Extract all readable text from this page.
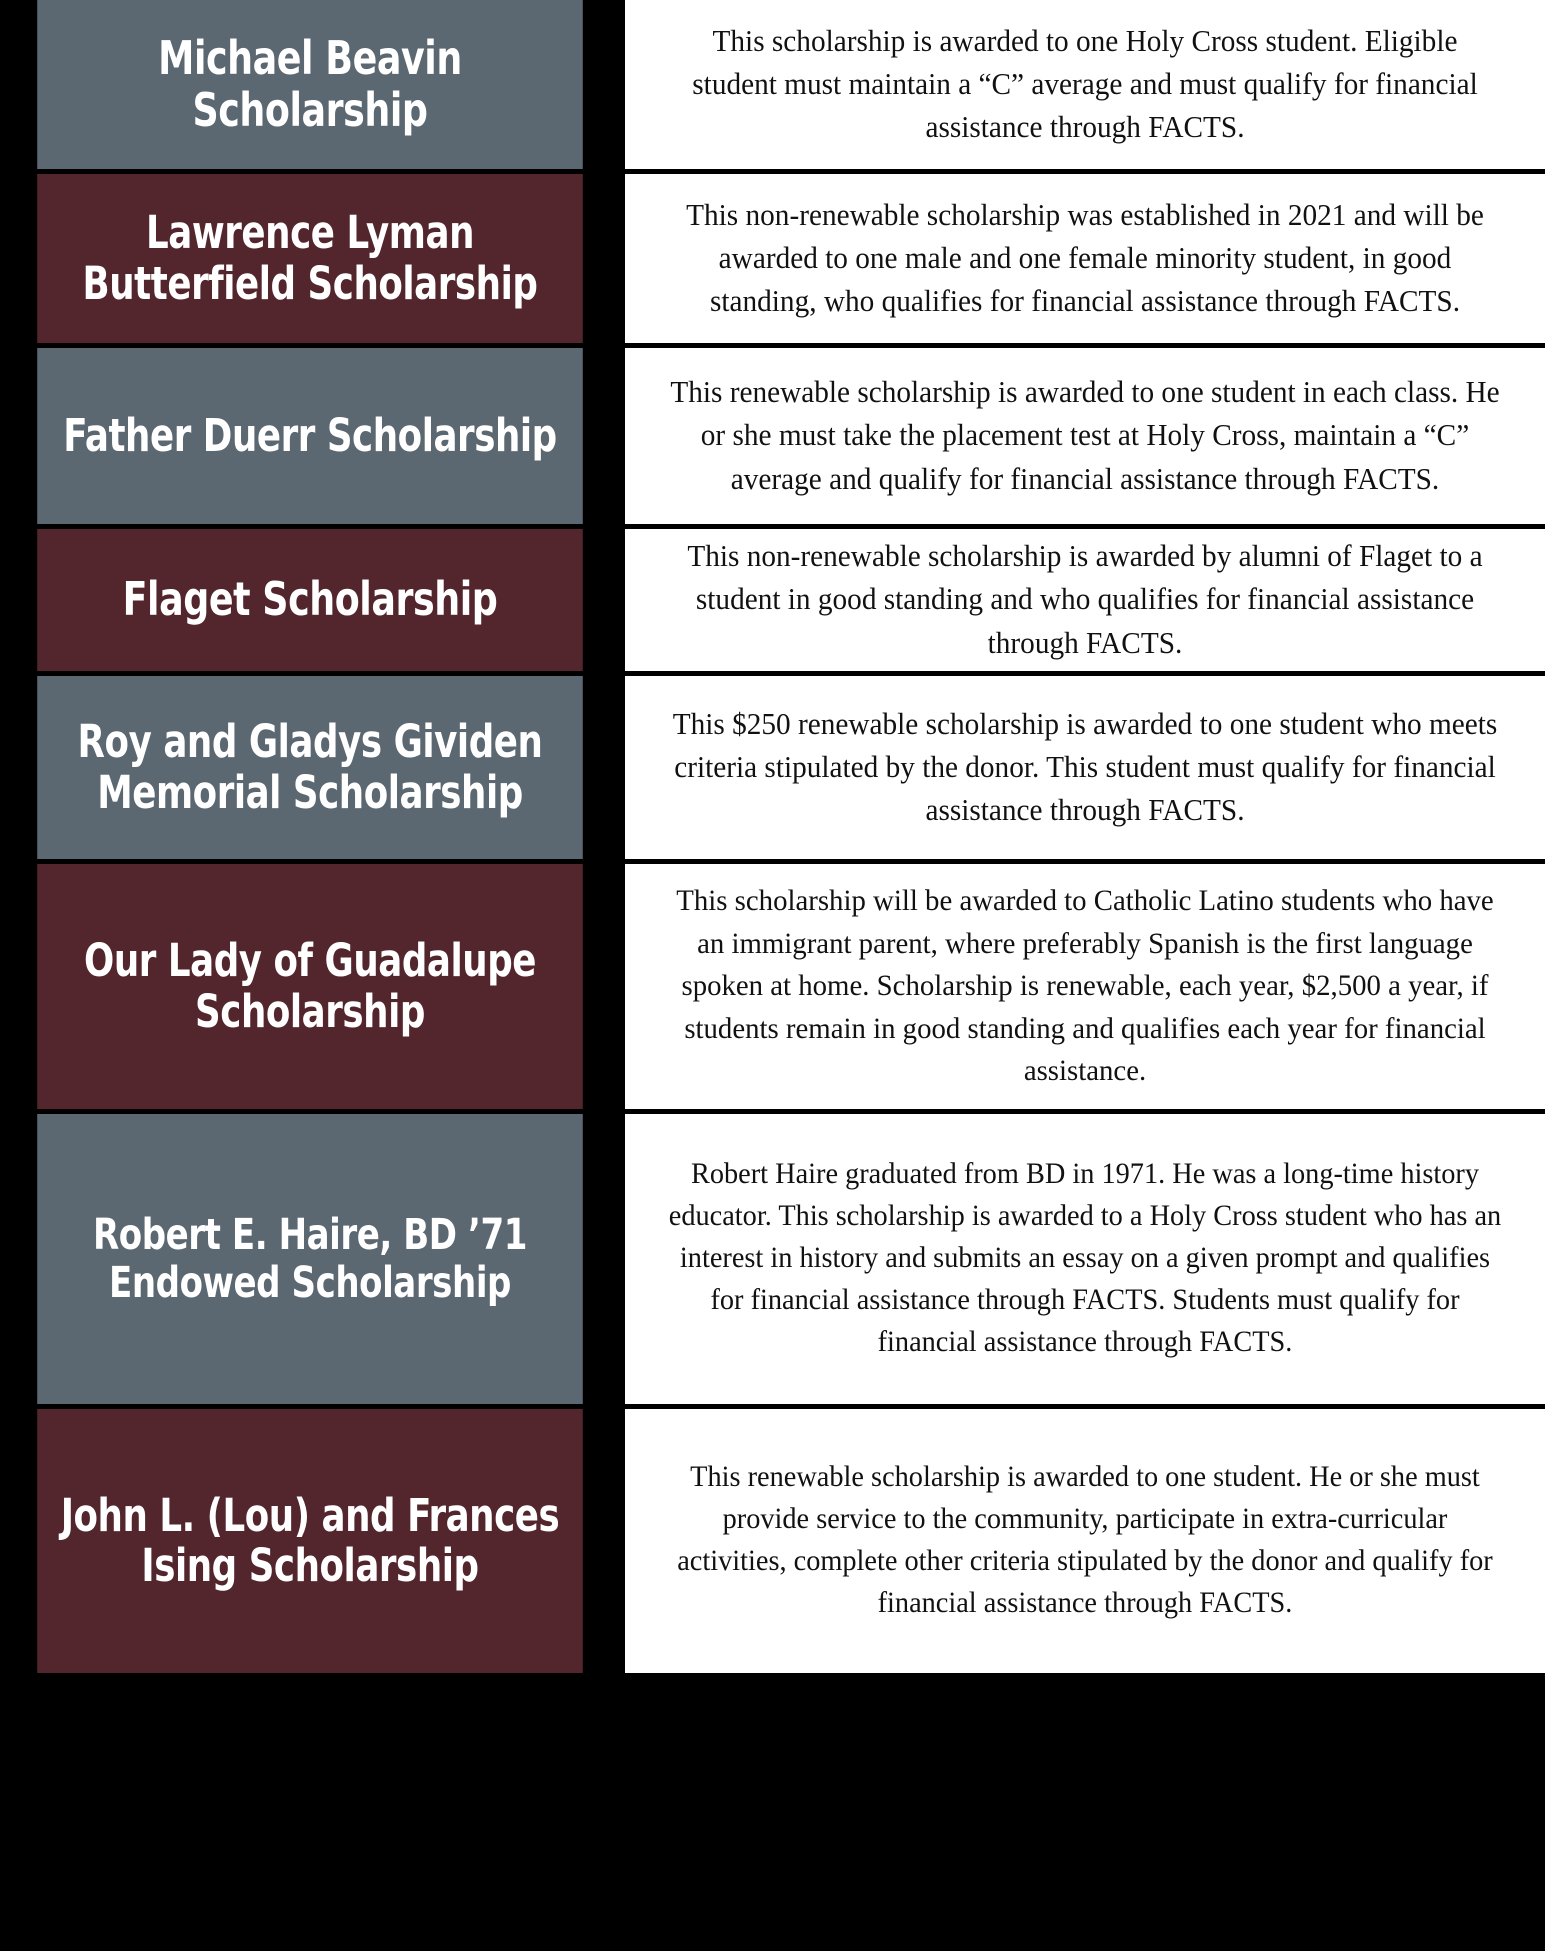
Michael Beavin Scholarship
This scholarship is awarded to one Holy Cross student. Eligible student must maintain a “C” average and must qualify for financial assistance through FACTS.
Lawrence Lyman Butterfield Scholarship
This non-renewable scholarship was established in 2021 and will be awarded to one male and one female minority student, in good standing, who qualifies for financial assistance through FACTS.
Father Duerr Scholarship
This renewable scholarship is awarded to one student in each class. He or she must take the placement test at Holy Cross, maintain a “C” average and qualify for financial assistance through FACTS.
Flaget Scholarship
This non-renewable scholarship is awarded by alumni of Flaget to a student in good standing and who qualifies for financial assistance through FACTS.
Roy and Gladys Gividen Memorial Scholarship
This $250 renewable scholarship is awarded to one student who meets criteria stipulated by the donor. This student must qualify for financial assistance through FACTS.
Our Lady of Guadalupe Scholarship
This scholarship will be awarded to Catholic Latino students who have an immigrant parent, where preferably Spanish is the first language spoken at home. Scholarship is renewable, each year, $2,500 a year, if students remain in good standing and qualifies each year for financial assistance.
Robert E. Haire, BD ’71 Endowed Scholarship
Robert Haire graduated from BD in 1971. He was a long-time history educator. This scholarship is awarded to a Holy Cross student who has an interest in history and submits an essay on a given prompt and qualifies for financial assistance through FACTS. Students must qualify for financial assistance through FACTS.
John L. (Lou) and Frances Ising Scholarship
This renewable scholarship is awarded to one student. He or she must provide service to the community, participate in extra-curricular activities, complete other criteria stipulated by the donor and qualify for financial assistance through FACTS.
